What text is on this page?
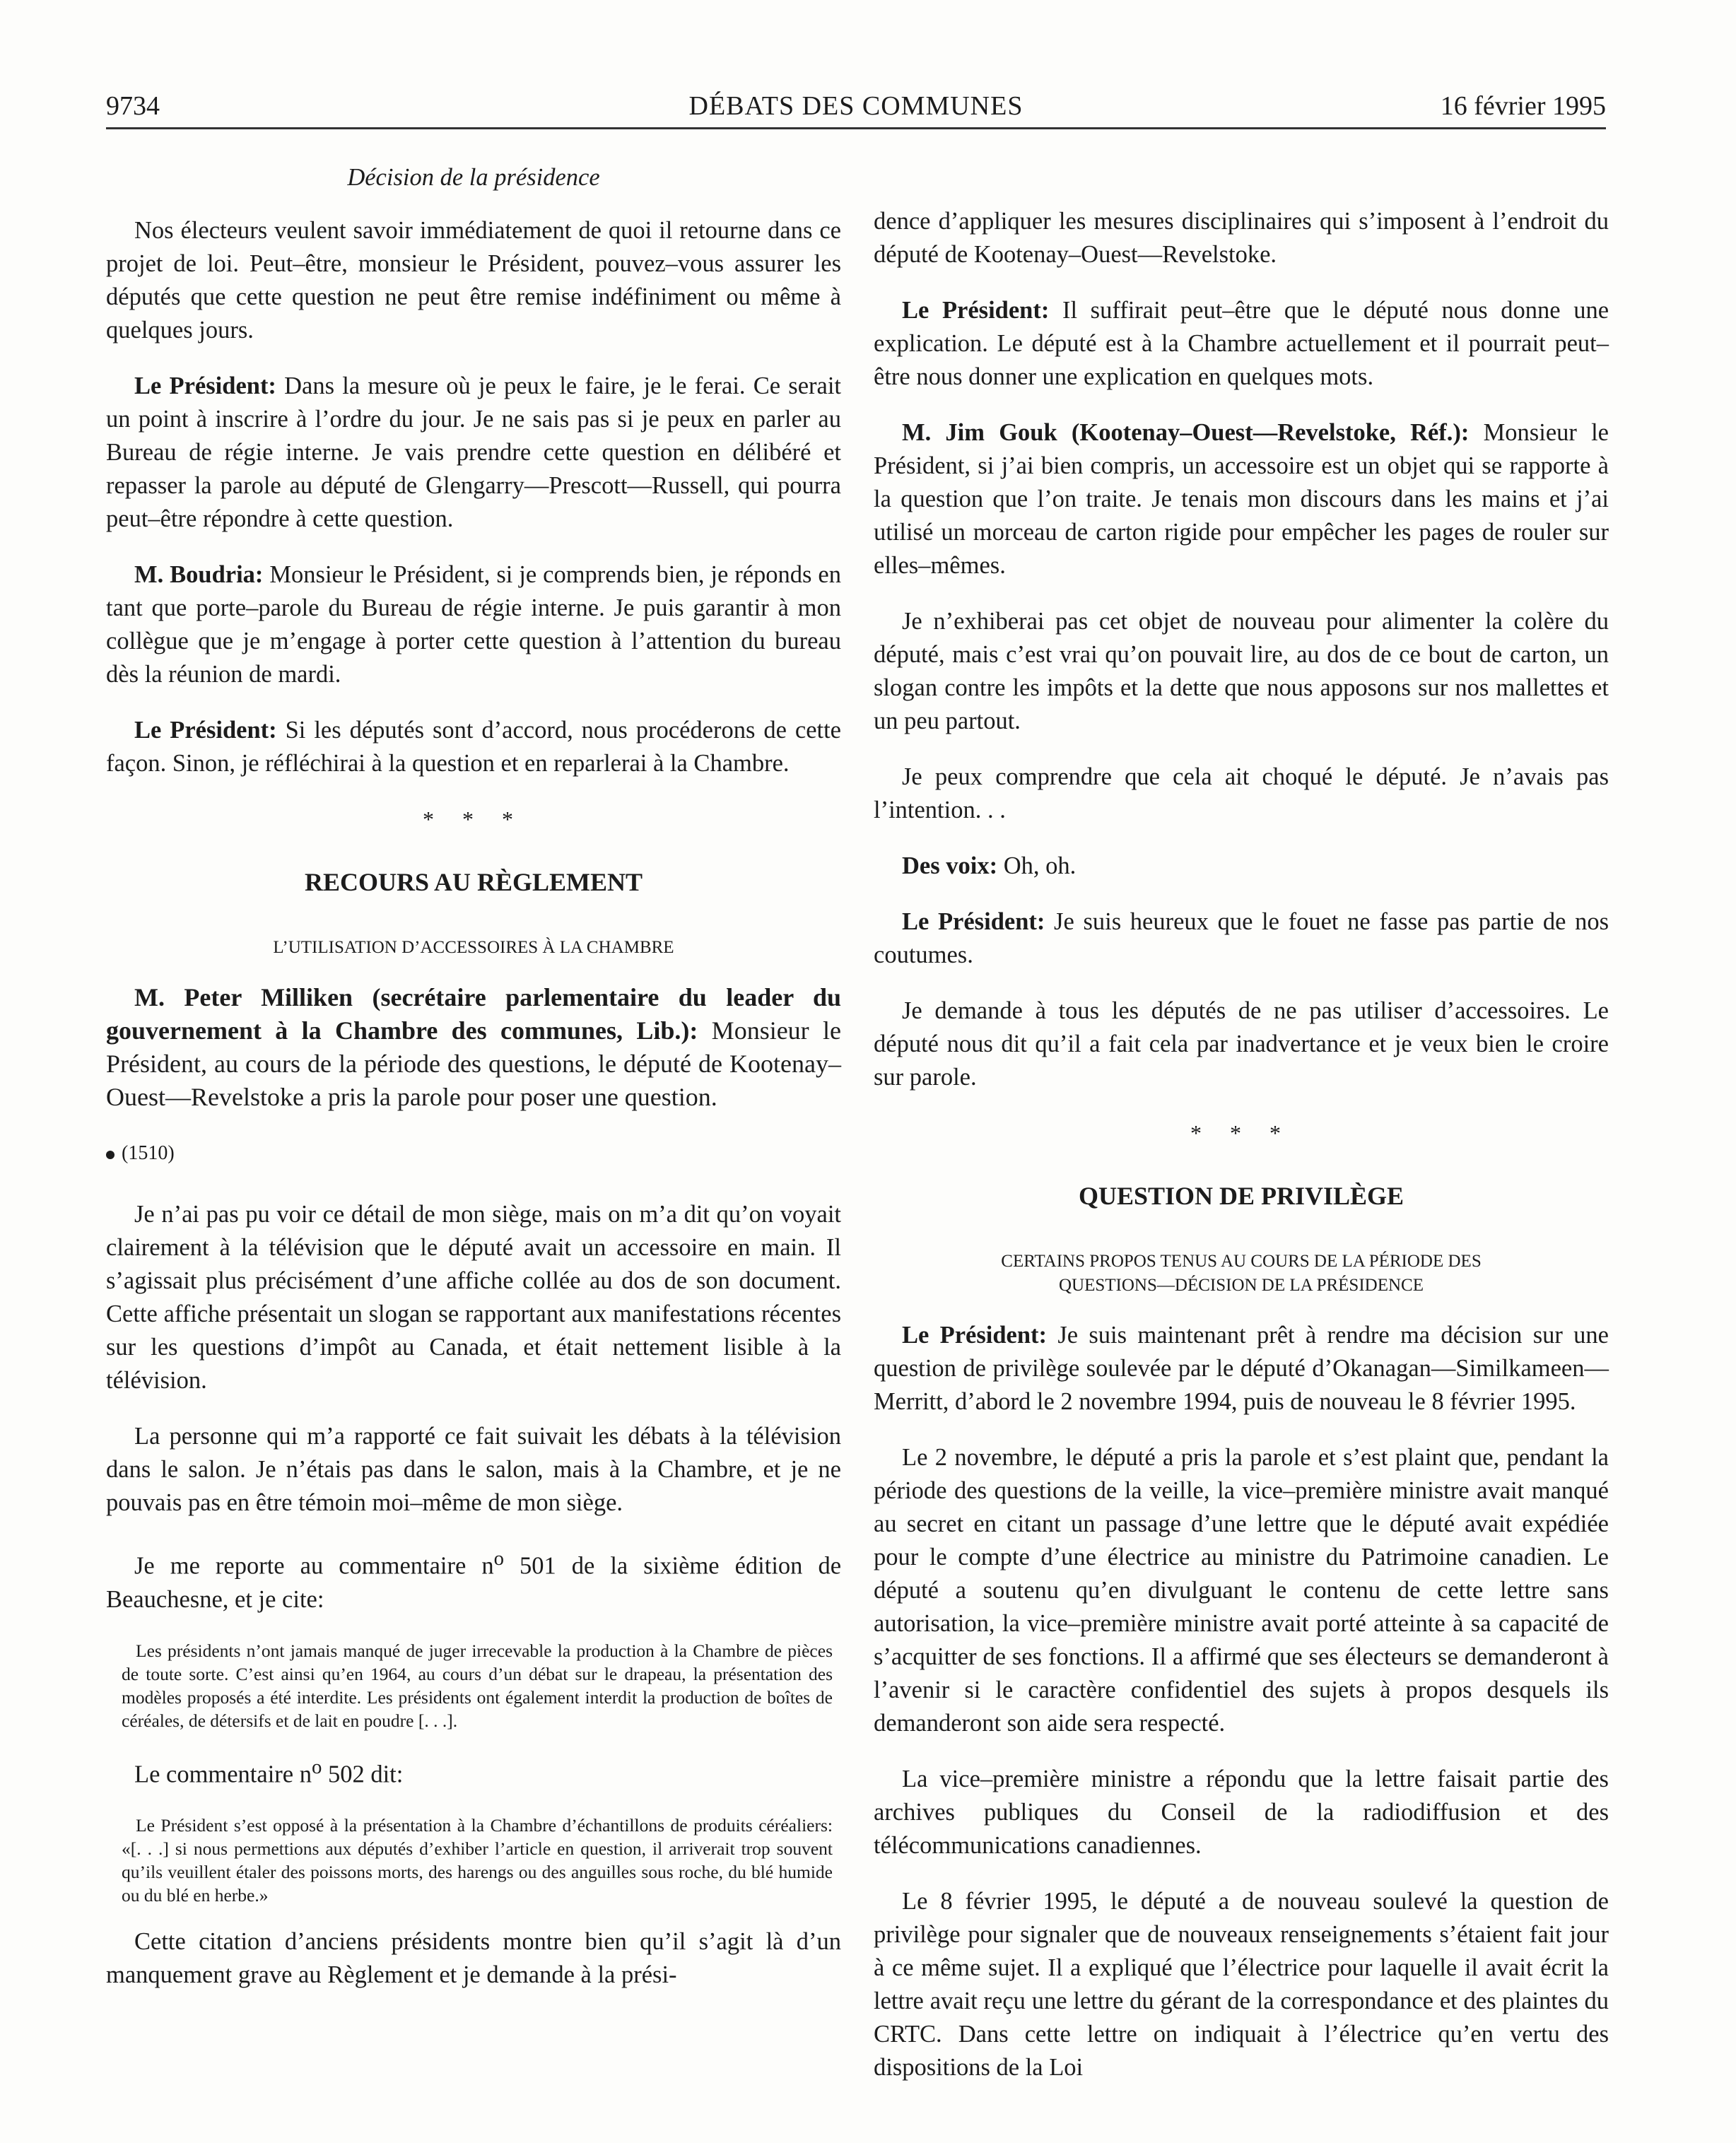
9734	DÉBATS DES COMMUNES	16 février 1995
Décision de la présidence

Nos électeurs veulent savoir immédiatement de quoi il retourne dans ce projet de loi. Peut–être, monsieur le Président, pouvez–vous assurer les députés que cette question ne peut être remise indéfiniment ou même à quelques jours.

Le Président: Dans la mesure où je peux le faire, je le ferai. Ce serait un point à inscrire à l’ordre du jour. Je ne sais pas si je peux en parler au Bureau de régie interne. Je vais prendre cette question en délibéré et repasser la parole au député de Glengarry—Prescott—Russell, qui pourra peut–être répondre à cette question.

M. Boudria: Monsieur le Président, si je comprends bien, je réponds en tant que porte–parole du Bureau de régie interne. Je puis garantir à mon collègue que je m’engage à porter cette question à l’attention du bureau dès la réunion de mardi.

Le Président: Si les députés sont d’accord, nous procéderons de cette façon. Sinon, je réfléchirai à la question et en reparlerai à la Chambre.

* * *
RECOURS AU RÈGLEMENT
L’UTILISATION D’ACCESSOIRES À LA CHAMBRE

M. Peter Milliken (secrétaire parlementaire du leader du gouvernement à la Chambre des communes, Lib.): Monsieur le Président, au cours de la période des questions, le député de Kootenay–Ouest—Revelstoke a pris la parole pour poser une question.

(1510)

Je n’ai pas pu voir ce détail de mon siège, mais on m’a dit qu’on voyait clairement à la télévision que le député avait un accessoire en main. Il s’agissait plus précisément d’une affiche collée au dos de son document. Cette affiche présentait un slogan se rapportant aux manifestations récentes sur les questions d’impôt au Canada, et était nettement lisible à la télévision.

La personne qui m’a rapporté ce fait suivait les débats à la télévision dans le salon. Je n’étais pas dans le salon, mais à la Chambre, et je ne pouvais pas en être témoin moi–même de mon siège.

Je me reporte au commentaire $n^o$ 501 de la sixième édition de Beauchesne, et je cite:

Les présidents n’ont jamais manqué de juger irrecevable la production à la Chambre de pièces de toute sorte. C’est ainsi qu’en 1964, au cours d’un débat sur le drapeau, la présentation des modèles proposés a été interdite. Les présidents ont également interdit la production de boîtes de céréales, de détersifs et de lait en poudre [. . .].

Le commentaire $n^o$ 502 dit:

Le Président s’est opposé à la présentation à la Chambre d’échantillons de produits céréaliers: «[. . .] si nous permettions aux députés d’exhiber l’article en question, il arriverait trop souvent qu’ils veuillent étaler des poissons morts, des harengs ou des anguilles sous roche, du blé humide ou du blé en herbe.»

Cette citation d’anciens présidents montre bien qu’il s’agit là d’un manquement grave au Règlement et je demande à la prési-

dence d’appliquer les mesures disciplinaires qui s’imposent à l’endroit du député de Kootenay–Ouest—Revelstoke.

Le Président: Il suffirait peut–être que le député nous donne une explication. Le député est à la Chambre actuellement et il pourrait peut–être nous donner une explication en quelques mots.

M. Jim Gouk (Kootenay–Ouest—Revelstoke, Réf.): Monsieur le Président, si j’ai bien compris, un accessoire est un objet qui se rapporte à la question que l’on traite. Je tenais mon discours dans les mains et j’ai utilisé un morceau de carton rigide pour empêcher les pages de rouler sur elles–mêmes.

Je n’exhiberai pas cet objet de nouveau pour alimenter la colère du député, mais c’est vrai qu’on pouvait lire, au dos de ce bout de carton, un slogan contre les impôts et la dette que nous apposons sur nos mallettes et un peu partout.

Je peux comprendre que cela ait choqué le député. Je n’avais pas l’intention. . .

Des voix: Oh, oh.

Le Président: Je suis heureux que le fouet ne fasse pas partie de nos coutumes.

Je demande à tous les députés de ne pas utiliser d’accessoires. Le député nous dit qu’il a fait cela par inadvertance et je veux bien le croire sur parole.

* * *
QUESTION DE PRIVILÈGE
CERTAINS PROPOS TENUS AU COURS DE LA PÉRIODE DES
QUESTIONS—DÉCISION DE LA PRÉSIDENCE

Le Président: Je suis maintenant prêt à rendre ma décision sur une question de privilège soulevée par le député d’Okanagan—Similkameen—Merritt, d’abord le 2 novembre 1994, puis de nouveau le 8 février 1995.

Le 2 novembre, le député a pris la parole et s’est plaint que, pendant la période des questions de la veille, la vice–première ministre avait manqué au secret en citant un passage d’une lettre que le député avait expédiée pour le compte d’une électrice au ministre du Patrimoine canadien. Le député a soutenu qu’en divulguant le contenu de cette lettre sans autorisation, la vice–première ministre avait porté atteinte à sa capacité de s’acquitter de ses fonctions. Il a affirmé que ses électeurs se demanderont à l’avenir si le caractère confidentiel des sujets à propos desquels ils demanderont son aide sera respecté.

La vice–première ministre a répondu que la lettre faisait partie des archives publiques du Conseil de la radiodiffusion et des télécommunications canadiennes.

Le 8 février 1995, le député a de nouveau soulevé la question de privilège pour signaler que de nouveaux renseignements s’étaient fait jour à ce même sujet. Il a expliqué que l’électrice pour laquelle il avait écrit la lettre avait reçu une lettre du gérant de la correspondance et des plaintes du CRTC. Dans cette lettre on indiquait à l’électrice qu’en vertu des dispositions de la Loi
